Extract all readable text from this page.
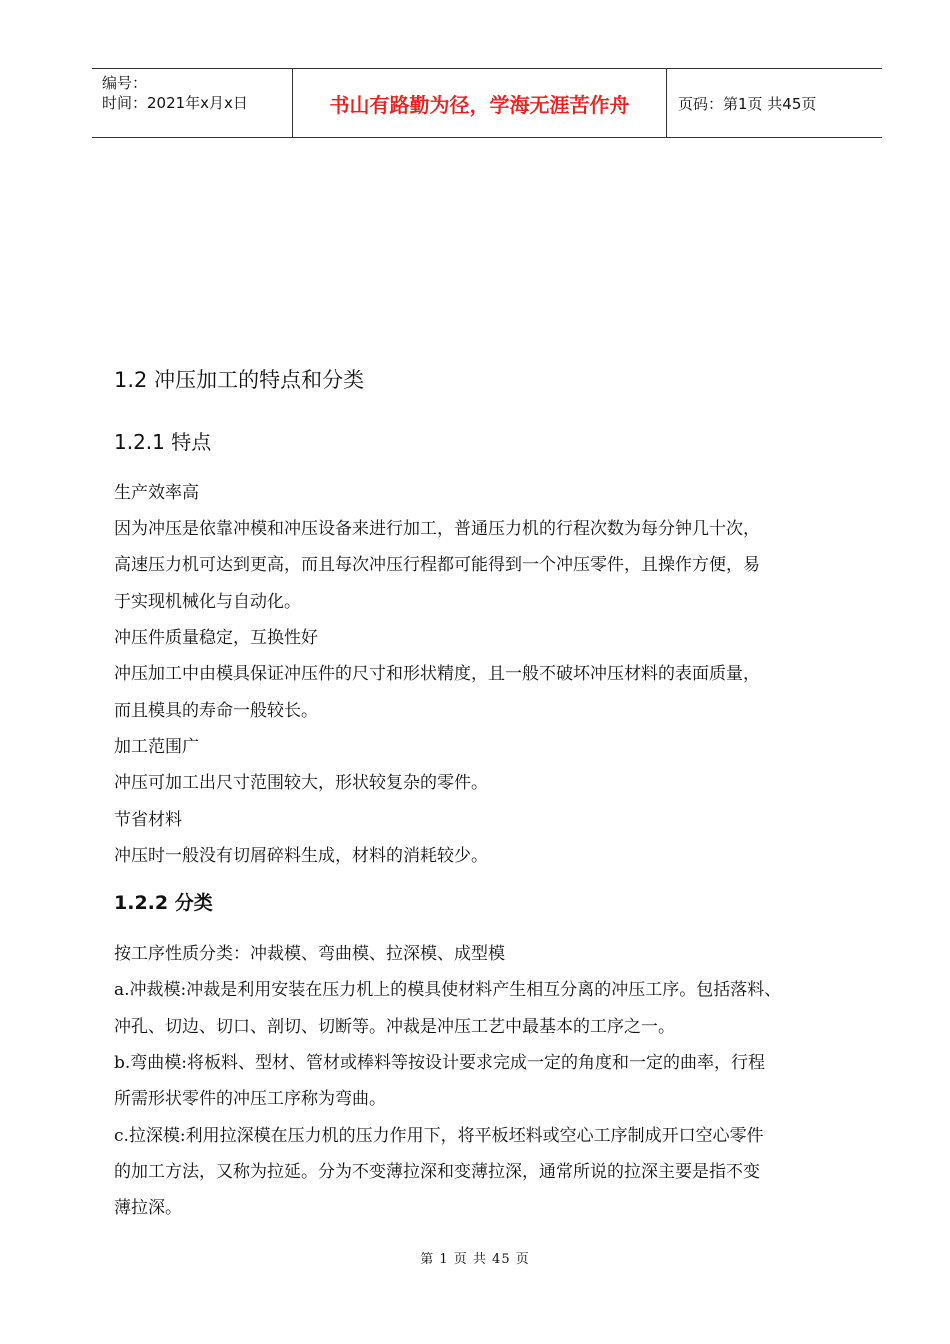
编号：
时间：2021年x月x日	书山有路勤为径，学海无涯苦作舟	页码：第1页 共45页
1.2 冲压加工的特点和分类
1.2.1 特点
生产效率高
因为冲压是依靠冲模和冲压设备来进行加工，普通压力机的行程次数为每分钟几十次，
高速压力机可达到更高，而且每次冲压行程都可能得到一个冲压零件，且操作方便，易
于实现机械化与自动化。
冲压件质量稳定，互换性好
冲压加工中由模具保证冲压件的尺寸和形状精度，且一般不破坏冲压材料的表面质量，
而且模具的寿命一般较长。
加工范围广
冲压可加工出尺寸范围较大，形状较复杂的零件。
节省材料
冲压时一般没有切屑碎料生成，材料的消耗较少。
1.2.2 分类
按工序性质分类：冲裁模、弯曲模、拉深模、成型模
a.冲裁模:冲裁是利用安装在压力机上的模具使材料产生相互分离的冲压工序。包括落料、
冲孔、切边、切口、剖切、切断等。冲裁是冲压工艺中最基本的工序之一。
b.弯曲模:将板料、型材、管材或棒料等按设计要求完成一定的角度和一定的曲率，行程
所需形状零件的冲压工序称为弯曲。
c.拉深模:利用拉深模在压力机的压力作用下，将平板坯料或空心工序制成开口空心零件
的加工方法，又称为拉延。分为不变薄拉深和变薄拉深，通常所说的拉深主要是指不变
薄拉深。
第 1 页 共 45 页
